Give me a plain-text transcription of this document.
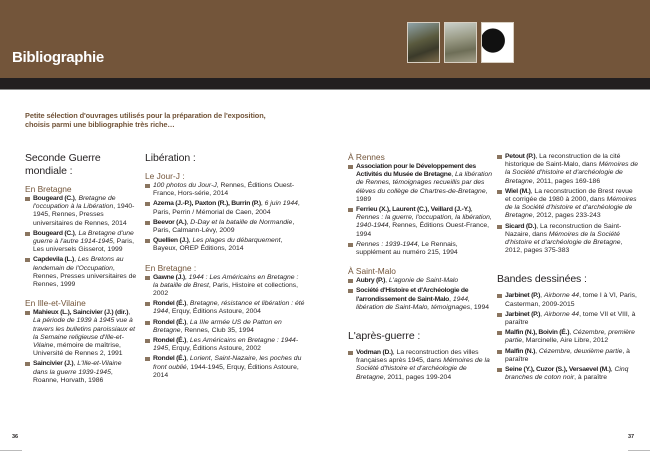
Bibliographie
Petite sélection d'ouvrages utilisés pour la préparation de l'exposition,
choisis parmi une bibliographie très riche…
Seconde Guerre mondiale :
En Bretagne
Bougeard (C.), Bretagne de l'occupation à la Libération, 1940-1945, Rennes, Presses universitaires de Rennes, 2014
Bougeard (C.), La Bretagne d'une guerre à l'autre 1914-1945, Paris, Les universels Gisserot, 1999
Capdevila (L.), Les Bretons au lendemain de l'Occupation, Rennes, Presses universitaires de Rennes, 1999
En Ille-et-Vilaine
Mahieux (L.), Saincivier (J.) (dir.), La période de 1939 à 1945 vue à travers les bulletins paroissiaux et la Semaine religieuse d'Ille-et-Vilaine, mémoire de maîtrise, Université de Rennes 2, 1991
Saincivier (J.), L'Ille-et-Vilaine dans la guerre 1939-1945, Roanne, Horvath, 1986
Libération :
Le Jour-J :
100 photos du Jour-J, Rennes, Éditions Ouest-France, Hors-série, 2014
Azema (J.-P.), Paxton (R.), Burrin (P.), 6 juin 1944, Paris, Perrin / Mémorial de Caen, 2004
Beevor (A.), D-Day et la bataille de Normandie, Paris, Calmann-Lévy, 2009
Quellien (J.), Les plages du débarquement, Bayeux, OREP Éditions, 2014
En Bretagne :
Gawne (J.), 1944 : Les Américains en Bretagne : la bataille de Brest, Paris, Histoire et collections, 2002
Rondel (É.), Bretagne, résistance et libération : été 1944, Erquy, Éditions Astoure, 2004
Rondel (É.), La IIIe armée US de Patton en Bretagne, Rennes, Club 35, 1994
Rondel (É.), Les Américains en Bretagne : 1944-1945, Erquy, Éditions Astoure, 2002
Rondel (É.), Lorient, Saint-Nazaire, les poches du front oublié, 1944-1945, Erquy, Éditions Astoure, 2014
À Rennes
Association pour le Développement des Activités du Musée de Bretagne, La libération de Rennes, témoignages recueillis par des élèves du collège de Chartres-de-Bretagne, 1989
Ferrieu (X.), Laurent (C.), Veillard (J.-Y.), Rennes : la guerre, l'occupation, la libération, 1940-1944, Rennes, Éditions Ouest-France, 1994
Rennes : 1939-1944, Le Rennais, supplément au numéro 215, 1994
À Saint-Malo
Aubry (P.), L'agonie de Saint-Malo
Société d'Histoire et d'Archéologie de l'arrondissement de Saint-Malo, 1944, libération de Saint-Malo, témoignages, 1994
L'après-guerre :
Vodman (D.), La reconstruction des villes françaises après 1945, dans Mémoires de la Société d'histoire et d'archéologie de Bretagne, 2011, pages 199-204
Petout (P.), La reconstruction de la cité historique de Saint-Malo, dans Mémoires de la Société d'histoire et d'archéologie de Bretagne, 2011, pages 169-186
Wiel (M.), La reconstruction de Brest revue et corrigée de 1980 à 2000, dans Mémoires de la Société d'histoire et d'archéologie de Bretagne, 2012, pages 233-243
Sicard (D.), La reconstruction de Saint-Nazaire, dans Mémoires de la Société d'histoire et d'archéologie de Bretagne, 2012, pages 375-383
Bandes dessinées :
Jarbinet (P.), Airborne 44, tome I à VI, Paris, Casterman, 2009-2015
Jarbinet (P.), Airborne 44, tome VII et VIII, à paraître
Malfin (N.), Boivin (É.), Cézembre, première partie, Marcinelle, Aire Libre, 2012
Malfin (N.), Cézembre, deuxième partie, à paraître
Seine (Y.), Cuzor (S.), Versaevel (M.), Cinq branches de coton noir, à paraître
36	37
